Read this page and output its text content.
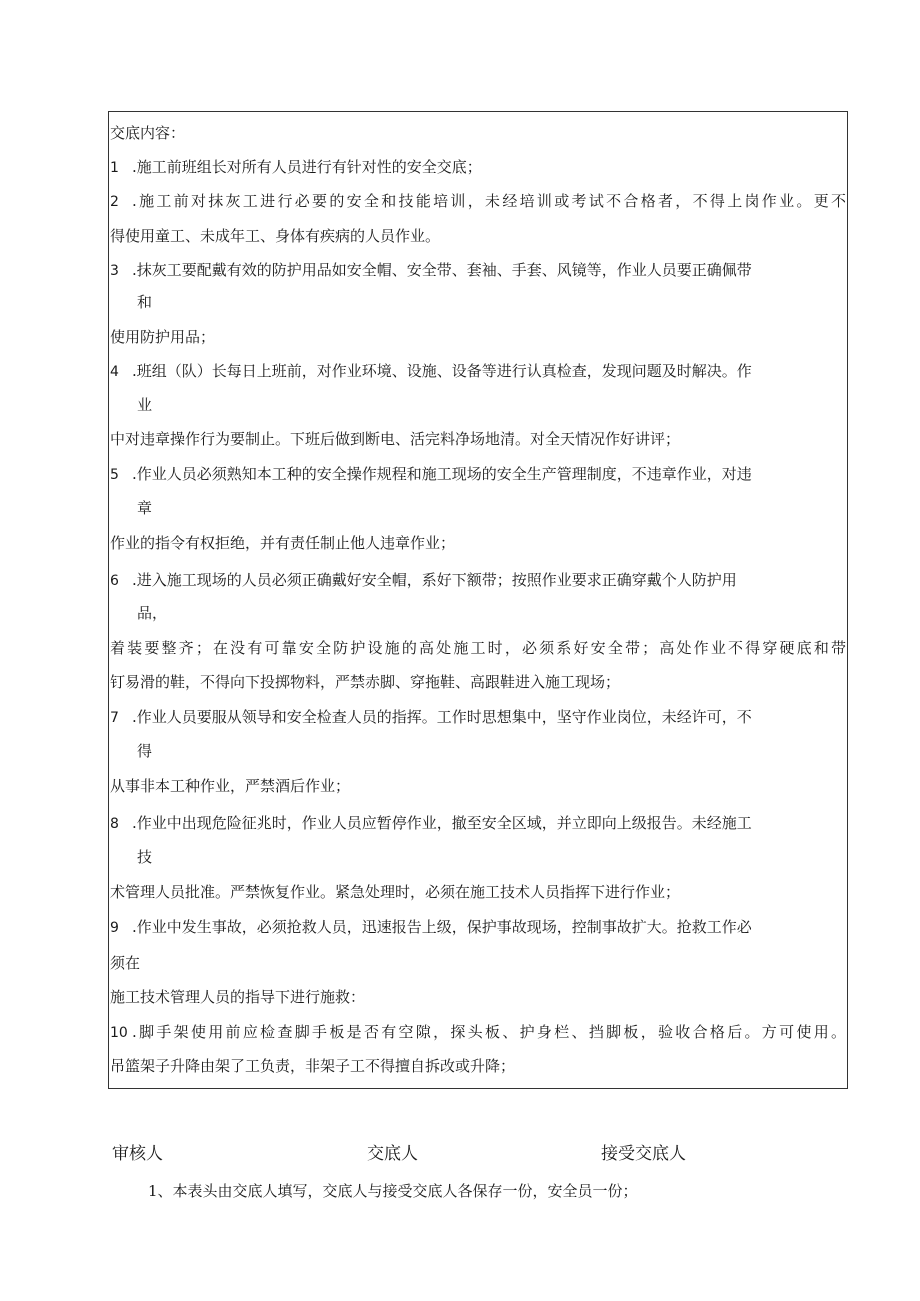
交底内容：
1 .施工前班组长对所有人员进行有针对性的安全交底；
2 .施工前对抹灰工进行必要的安全和技能培训，未经培训或考试不合格者，不得上岗作业。更不
得使用童工、未成年工、身体有疾病的人员作业。
3 .抹灰工要配戴有效的防护用品如安全帽、安全带、套袖、手套、风镜等，作业人员要正确佩带
和
使用防护用品；
4 .班组（队）长每日上班前，对作业环境、设施、设备等进行认真检查，发现问题及时解决。作
业
中对违章操作行为要制止。下班后做到断电、活完料净场地清。对全天情况作好讲评；
5 .作业人员必须熟知本工种的安全操作规程和施工现场的安全生产管理制度，不违章作业，对违
章
作业的指令有权拒绝，并有责任制止他人违章作业；
6 .进入施工现场的人员必须正确戴好安全帽，系好下额带；按照作业要求正确穿戴个人防护用
品，
着装要整齐；在没有可靠安全防护设施的高处施工时，必须系好安全带；高处作业不得穿硬底和带
钉易滑的鞋，不得向下投掷物料，严禁赤脚、穿拖鞋、高跟鞋进入施工现场；
7 .作业人员要服从领导和安全检查人员的指挥。工作时思想集中，坚守作业岗位，未经许可，不
得
从事非本工种作业，严禁酒后作业；
8 .作业中出现危险征兆时，作业人员应暂停作业，撤至安全区域，并立即向上级报告。未经施工
技
术管理人员批准。严禁恢复作业。紧急处理时，必须在施工技术人员指挥下进行作业；
9 .作业中发生事故，必须抢救人员，迅速报告上级，保护事故现场，控制事故扩大。抢救工作必
须在
施工技术管理人员的指导下进行施救：
10 .脚手架使用前应检查脚手板是否有空隙，探头板、护身栏、挡脚板，验收合格后。方可使用。
吊篮架子升降由架了工负责，非架子工不得擅自拆改或升降；
审核人	交底人	接受交底人
1、本表头由交底人填写，交底人与接受交底人各保存一份，安全员一份；
